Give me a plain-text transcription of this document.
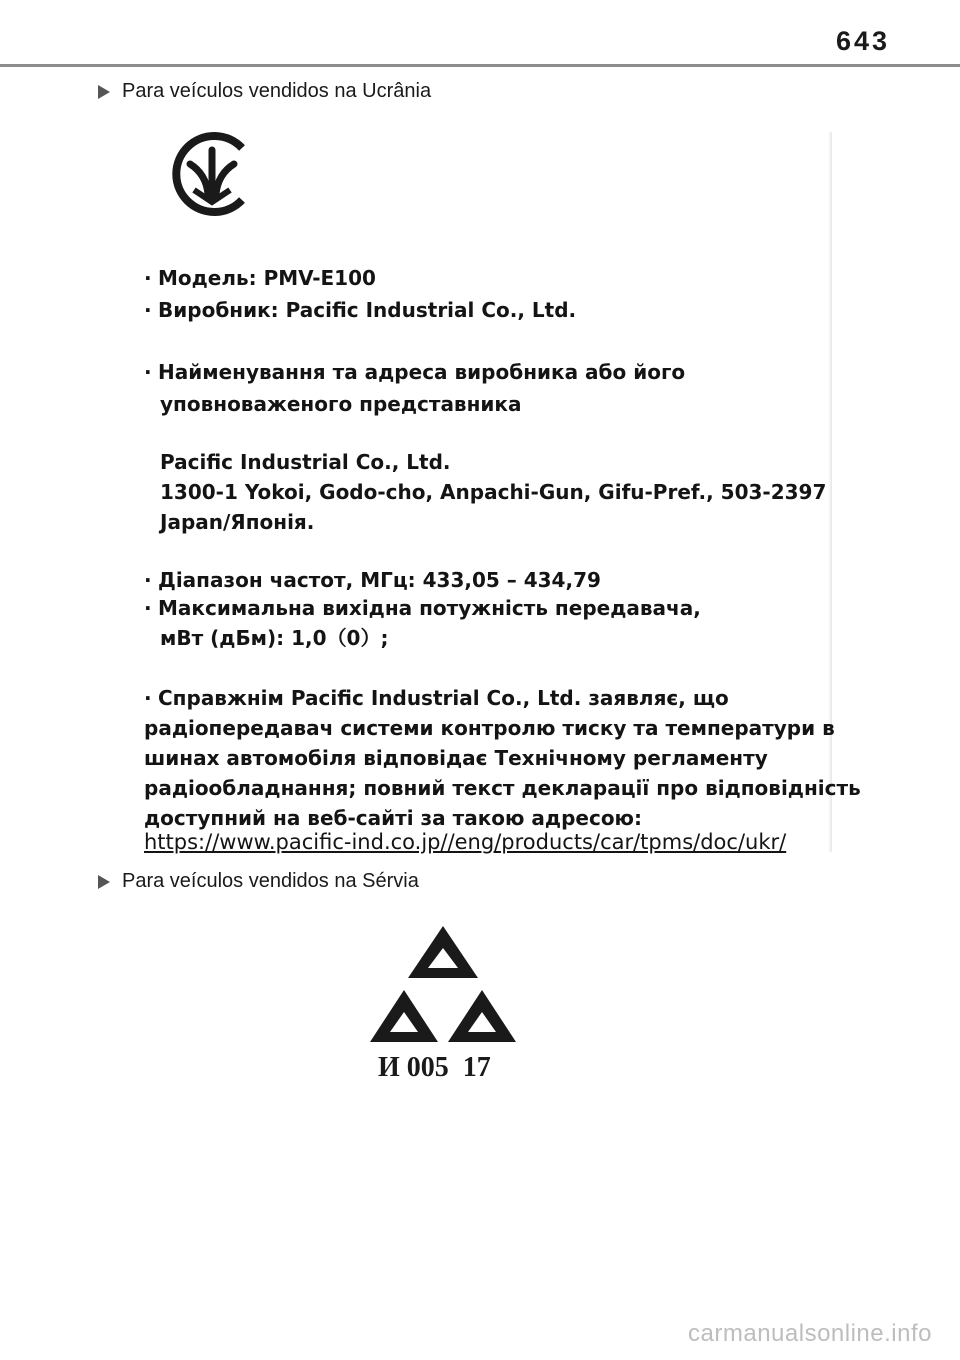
643
Para veículos vendidos na Ucrânia
· Модель: PMV-E100
· Виробник: Pacific Industrial Co., Ltd.
· Найменування та адреса виробника або його
уповноваженого представника
Pacific Industrial Co., Ltd.
1300-1 Yokoi, Godo-cho, Anpachi-Gun, Gifu-Pref., 503-2397
Japan/Японія.
· Діапазон частот, МГц: 433,05 – 434,79
· Максимальна вихідна потужність передавача,
мВт (дБм): 1,0（0）;
· Справжнім Pacific Industrial Co., Ltd. заявляє, що
радіопередавач системи контролю тиску та температури в
шинах автомобіля відповідає Технічному регламенту
радіообладнання; повний текст декларації про відповідність
доступний на веб-сайті за такою адресою:
https://www.pacific-ind.co.jp//eng/products/car/tpms/doc/ukr/
Para veículos vendidos na Sérvia
И 005  17
carmanualsonline.info
